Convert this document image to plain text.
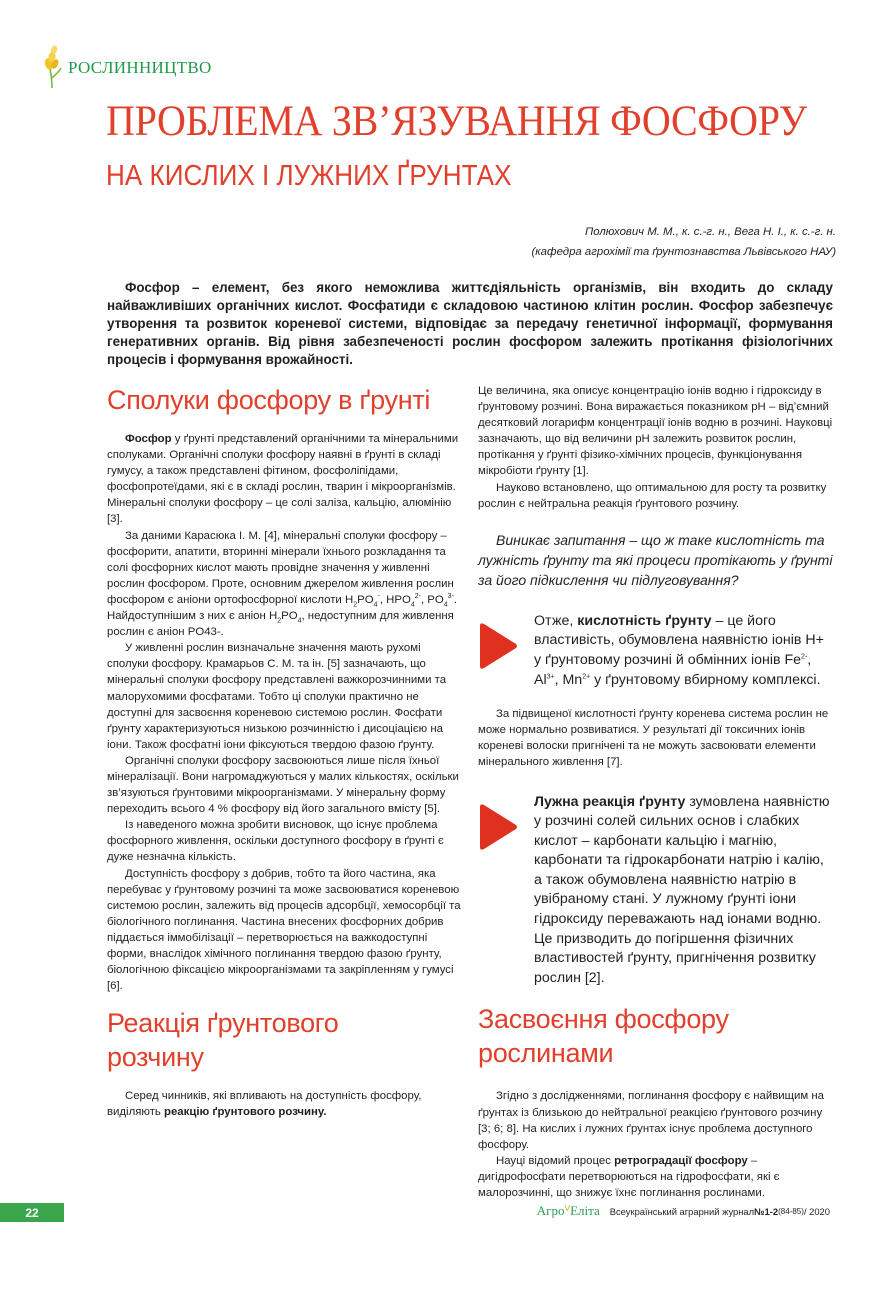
РОСЛИННИЦТВО
ПРОБЛЕМА ЗВ’ЯЗУВАННЯ ФОСФОРУ
НА КИСЛИХ І ЛУЖНИХ ҐРУНТАХ
Полюхович М. М., к. с.-г. н., Вега Н. І., к. с.-г. н.
(кафедра агрохімії та ґрунтознавства Львівського НАУ)

Фосфор – елемент, без якого неможлива життєдіяльність організмів, він входить до складу найважливіших органічних кислот. Фосфатиди є складовою частиною клітин рослин. Фосфор забезпечує утворення та розвиток кореневої системи, відповідає за передачу генетичної інформації, формування генеративних органів. Від рівня забезпеченості рослин фосфором залежить протікання фізіологічних процесів і формування врожайності.

Сполуки фосфору в ґрунті

Фосфор у ґрунті представлений органічними та мінеральними сполуками. Органічні сполуки фосфору наявні в ґрунті в складі гумусу, а також представлені фітином, фосфоліпідами, фосфопротеїдами, які є в складі рослин, тварин і мікроорганізмів. Мінеральні сполуки фосфору – це солі заліза, кальцію, алюмінію [3].

За даними Карасюка І. М. [4], мінеральні сполуки фосфору – фосфорити, апатити, вторинні мінерали їхнього розкладання та солі фосфорних кислот мають провідне значення у живленні рослин фосфором. Проте, основним джерелом живлення рослин фосфором є аніони ортофосфорної кислоти $H_2PO_4^-$, $HPO_4^{2-}$, $PO_4^{3-}$. Найдоступнішим з них є аніон $H_2PO_4$, недоступним для живлення рослин є аніон PO43-.

У живленні рослин визначальне значення мають рухомі сполуки фосфору. Крамарьов С. М. та ін. [5] зазначають, що мінеральні сполуки фосфору представлені важкорозчинними та малорухомими фосфатами. Тобто ці сполуки практично не доступні для засвоєння кореневою системою рослин. Фосфати ґрунту характеризуються низькою розчинністю і дисоціацією на іони. Також фосфатні іони фіксуються твердою фазою ґрунту.

Органічні сполуки фосфору засвоюються лише після їхньої мінералізації. Вони нагромаджуються у малих кількостях, оскільки зв’язуються ґрунтовими мікроорганізмами. У мінеральну форму переходить всього 4 % фосфору від його загального вмісту [5].

Із наведеного можна зробити висновок, що існує проблема фосфорного живлення, оскільки доступного фосфору в ґрунті є дуже незначна кількість.

Доступність фосфору з добрив, тобто та його частина, яка перебуває у ґрунтовому розчині та може засвоюватися кореневою системою рослин, залежить від процесів адсорбції, хемосорбції та біологічного поглинання. Частина внесених фосфорних добрив піддається іммобілізації – перетворюється на важкодоступні форми, внаслідок хімічного поглинання твердою фазою ґрунту, біологічною фіксацією мікроорганізмами та закріпленням у гумусі [6].

Реакція ґрунтового розчину

Серед чинників, які впливають на доступність фосфору, виділяють реакцію ґрунтового розчину.

Це величина, яка описує концентрацію іонів водню і гідроксиду в ґрунтовому розчині. Вона виражається показником pH – від’ємний десятковий логарифм концентрації іонів водню в розчині. Науковці зазначають, що від величини pH залежить розвиток рослин, протікання у ґрунті фізико-хімічних процесів, функціонування мікробіоти ґрунту [1].

Науково встановлено, що оптимальною для росту та розвитку рослин є нейтральна реакція ґрунтового розчину.

Виникає запитання – що ж таке кислотність та лужність ґрунту та які процеси протікають у ґрунті за його підкислення чи підлуговування?

Отже, кислотність ґрунту – це його властивість, обумовлена наявністю іонів H+ у ґрунтовому розчині й обмінних іонів $Fe^{2-}$, $Al^{3+}$, $Mn^{2+}$ у ґрунтовому вбирному комплексі.

За підвищеної кислотності ґрунту коренева система рослин не може нормально розвиватися. У результаті дії токсичних іонів кореневі волоски пригнічені та не можуть засвоювати елементи мінерального живлення [7].

Лужна реакція ґрунту зумовлена наявністю у розчині солей сильних основ і слабких кислот – карбонати кальцію і магнію, карбонати та гідрокарбонати натрію і калію, а також обумовлена наявністю натрію в увібраному стані. У лужному ґрунті іони гідроксиду переважають над іонами водню. Це призводить до погіршення фізичних властивостей ґрунту, пригнічення розвитку рослин [2].
Засвоєння фосфору рослинами

Згідно з дослідженнями, поглинання фосфору є найвищим на ґрунтах із близькою до нейтральної реакцією ґрунтового розчину [3; 6; 8]. На кислих і лужних ґрунтах існує проблема доступного фосфору.

Науці відомий процес ретроградації фосфору – дигідрофосфати перетворюються на гідрофосфати, які є малорозчинні, що знижує їхнє поглинання рослинами.

22	АгроⱽЕліта Всеукраїнський аграрний журнал №1-2 (84-85) / 2020
